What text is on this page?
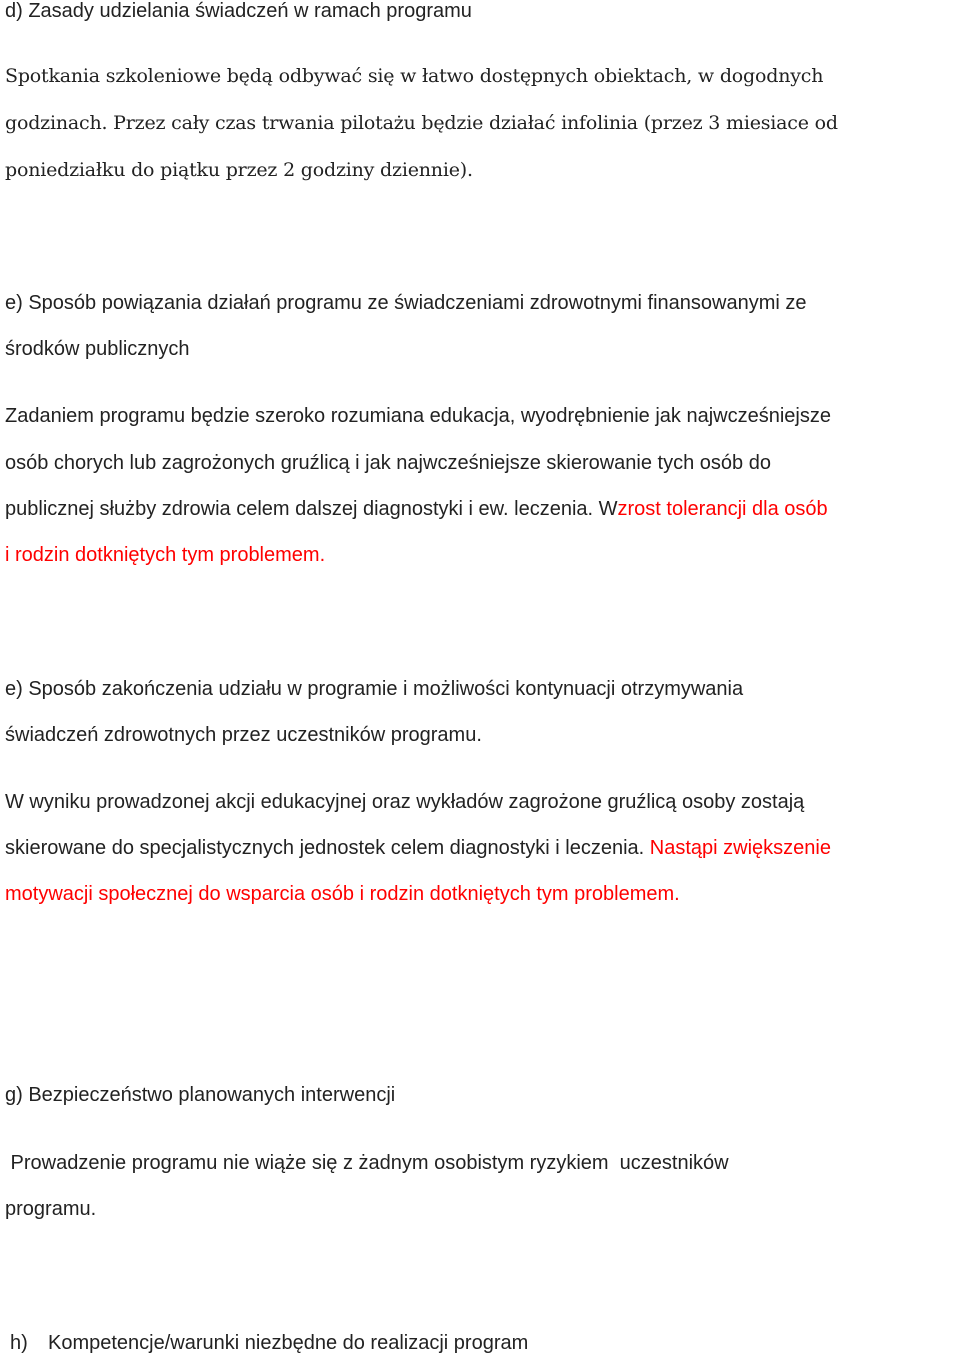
d) Zasady udzielania świadczeń w ramach programu

Spotkania szkoleniowe będą odbywać się w łatwo dostępnych obiektach, w dogodnych

godzinach. Przez cały czas trwania pilotażu będzie działać infolinia (przez 3 miesiace od

poniedziałku do piątku przez 2 godziny dziennie).

e) Sposób powiązania działań programu ze świadczeniami zdrowotnymi finansowanymi ze

środków publicznych

Zadaniem programu będzie szeroko rozumiana edukacja, wyodrębnienie jak najwcześniejsze

osób chorych lub zagrożonych gruźlicą i jak najwcześniejsze skierowanie tych osób do

publicznej służby zdrowia celem dalszej diagnostyki i ew. leczenia. Wzrost tolerancji dla osób

i rodzin dotkniętych tym problemem.

e) Sposób zakończenia udziału w programie i możliwości kontynuacji otrzymywania

świadczeń zdrowotnych przez uczestników programu.

W wyniku prowadzonej akcji edukacyjnej oraz wykładów zagrożone gruźlicą osoby zostają

skierowane do specjalistycznych jednostek celem diagnostyki i leczenia. Nastąpi zwiększenie

motywacji społecznej do wsparcia osób i rodzin dotkniętych tym problemem.

g) Bezpieczeństwo planowanych interwencji

Prowadzenie programu nie wiąże się z żadnym osobistym ryzykiem  uczestników

programu.

h) Kompetencje/warunki niezbędne do realizacji program
